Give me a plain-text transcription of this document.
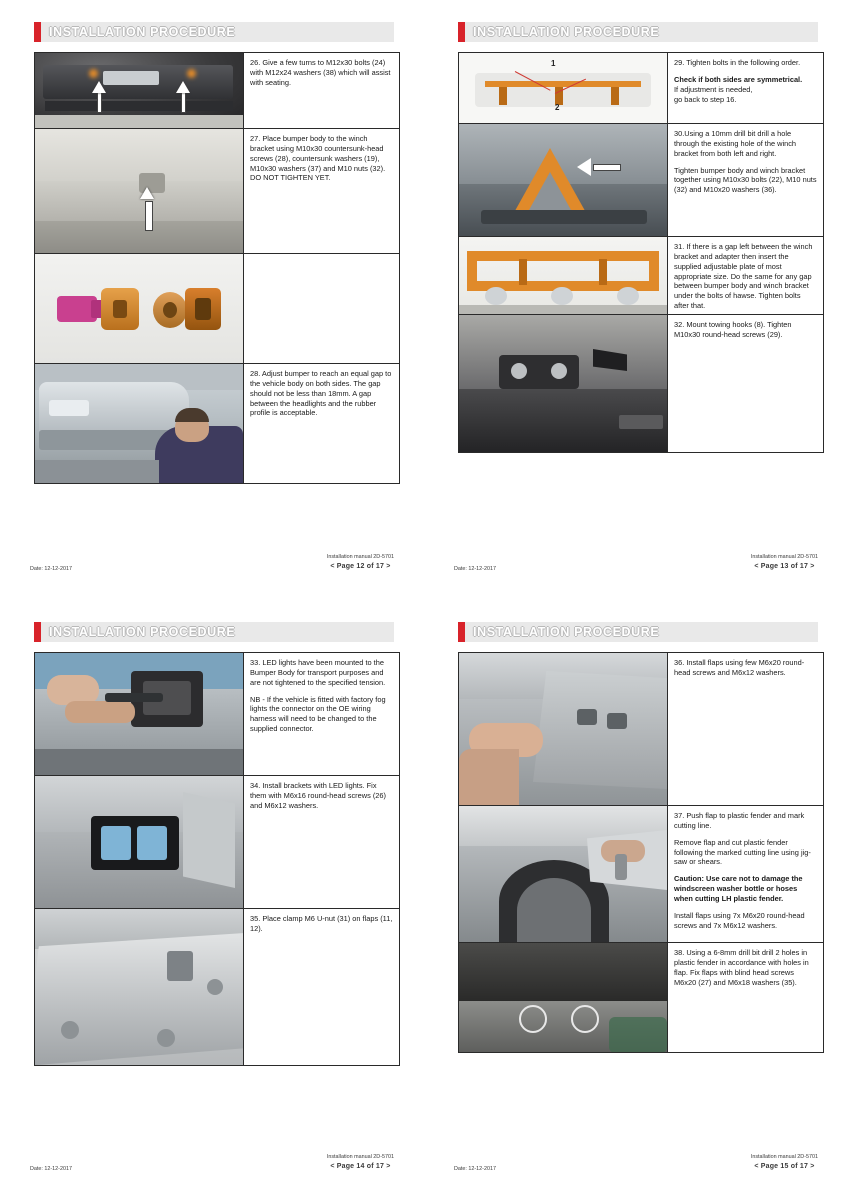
INSTALLATION PROCEDURE

26. Give a few turns to M12x30 bolts (24) with M12x24 washers (38) which will assist with seating.

27. Place bumper body to the winch bracket using M10x30 countersunk-head screws (28), countersunk washers (19), M10x30 washers (37) and M10 nuts (32). DO NOT TIGHTEN YET.

28. Adjust bumper to reach an equal gap to the vehicle body on both sides. The gap should not be less than 18mm. A gap between the headlights and the rubber profile is acceptable.

Date: 12-12-2017
Installation manual 2D-5701
< Page 12 of 17 >
INSTALLATION PROCEDURE
1
2

29. Tighten bolts in the following order.

Check if both sides are symmetrical.

If adjustment is needed,
go back to step 16.

30.Using a 10mm drill bit drill a hole through the existing hole of the winch bracket from both left and right.

Tighten bumper body and winch bracket together using M10x30 bolts (22), M10 nuts (32) and M10x20 washers (36).

31. If there is a gap left between the winch bracket and adapter then insert the supplied adjustable plate of most appropriate size. Do the same for any gap between bumper body and winch bracket under the bolts of hawse. Tighten bolts after that.

32. Mount towing hooks (8). Tighten M10x30 round-head screws (29).

Date: 12-12-2017
Installation manual 2D-5701
< Page 13 of 17 >
INSTALLATION PROCEDURE

33. LED lights have been mounted to the Bumper Body for transport purposes and are not tightened to the specified tension.

NB - If the vehicle is fitted with factory fog lights the connector on the OE wiring harness will need to be changed to the supplied connector.

34. Install brackets with LED lights. Fix them with M6x16 round-head screws (26) and M6x12 washers.

35. Place clamp M6 U-nut (31) on flaps (11, 12).

Date: 12-12-2017
Installation manual 2D-5701
< Page 14 of 17 >
INSTALLATION PROCEDURE

36. Install flaps using few M6x20 round-head screws and M6x12 washers.

37. Push flap to plastic fender and mark cutting line.

Remove flap and cut plastic fender following the marked cutting line using jig-saw or shears.

Caution: Use care not to damage the windscreen washer bottle or hoses when cutting LH plastic fender.

Install flaps using 7x M6x20 round-head screws and 7x M6x12 washers.

38. Using a 6-8mm drill bit drill 2 holes in plastic fender in accordance with holes in flap. Fix flaps with blind head screws M6x20 (27) and M6x18 washers (35).

Date: 12-12-2017
Installation manual 2D-5701
< Page 15 of 17 >
